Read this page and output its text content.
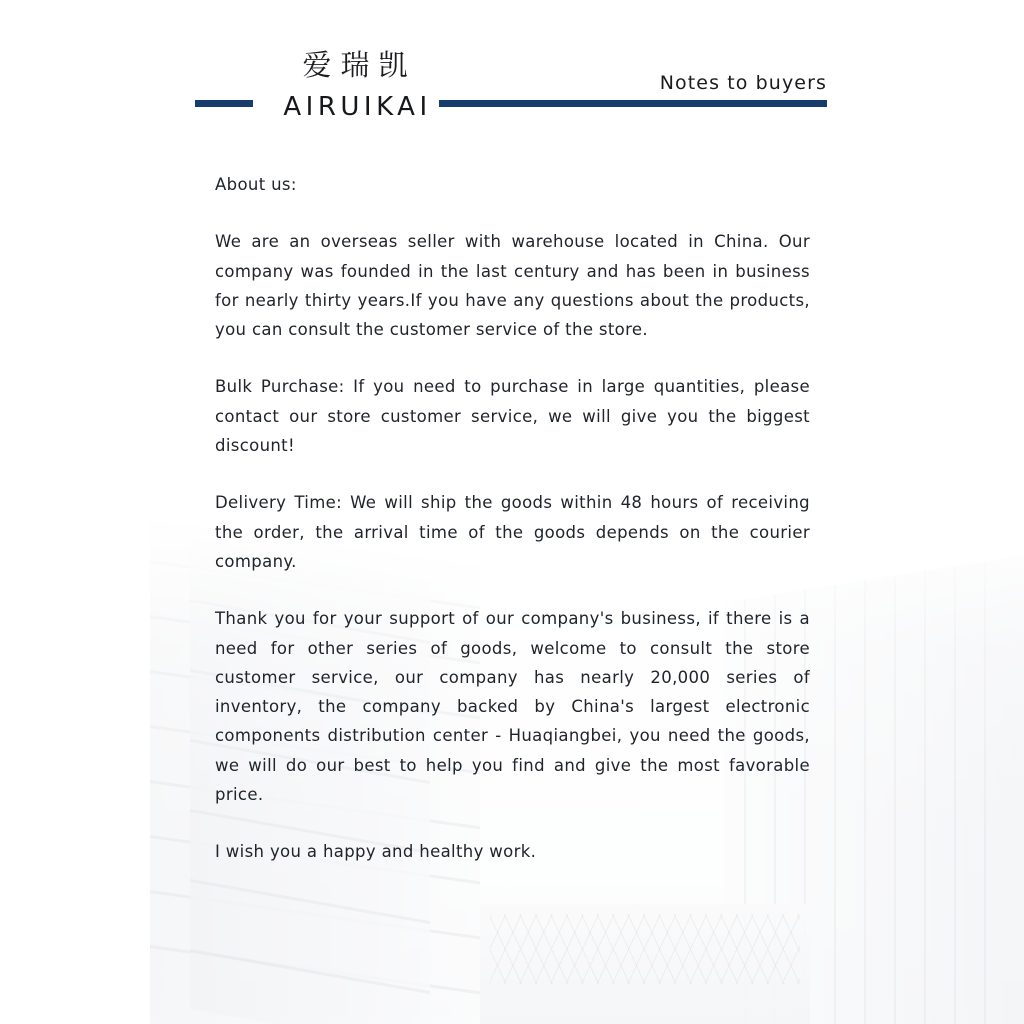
爱瑞凯
AIRUIKAI
Notes to buyers

About us:

We are an overseas seller with warehouse located in China. Our company was founded in the last century and has been in business for nearly thirty years.If you have any questions about the products, you can consult the customer service of the store.

Bulk Purchase: If you need to purchase in large quantities, please contact our store customer service, we will give you the biggest discount!

Delivery Time: We will ship the goods within 48 hours of receiving the order, the arrival time of the goods depends on the courier company.

Thank you for your support of our company's business, if there is a need for other series of goods, welcome to consult the store customer service, our company has nearly 20,000 series of inventory, the company backed by China's largest electronic components distribution center - Huaqiangbei, you need the goods, we will do our best to help you find and give the most favorable price.

I wish you a happy and healthy work.
